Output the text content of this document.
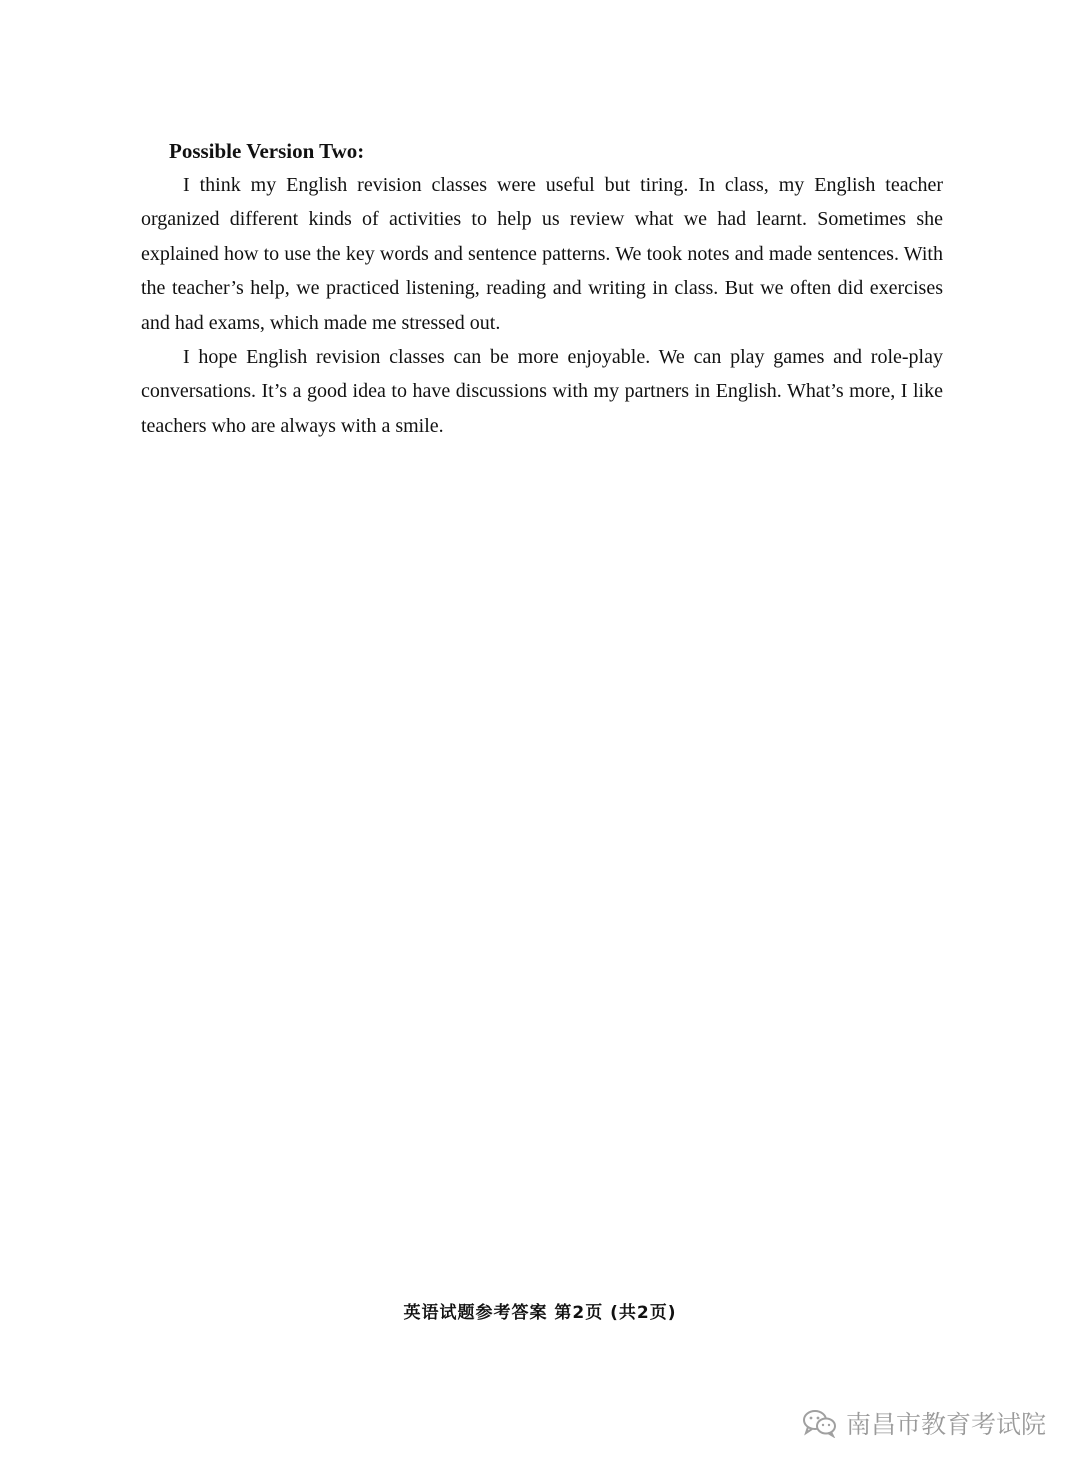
Possible Version Two:

I think my English revision classes were useful but tiring. In class, my English teacher organized different kinds of activities to help us review what we had learnt. Sometimes she explained how to use the key words and sentence patterns. We took notes and made sentences. With the teacher’s help, we practiced listening, reading and writing in class. But we often did exercises and had exams, which made me stressed out.

I hope English revision classes can be more enjoyable. We can play games and role-play conversations. It’s a good idea to have discussions with my partners in English. What’s more, I like teachers who are always with a smile.

英语试题参考答案 第2页 (共2页)
南昌市教育考试院
